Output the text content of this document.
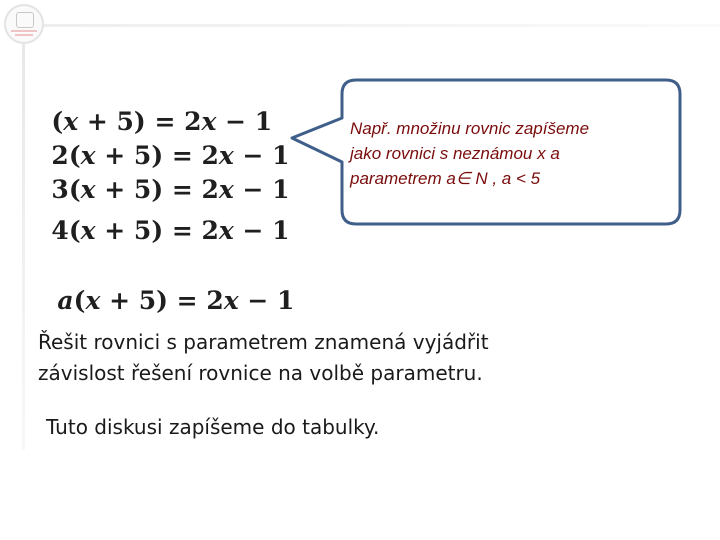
(x + 5) = 2x − 1

2(x + 5) = 2x − 1

3(x + 5) = 2x − 1

4(x + 5) = 2x − 1

a(x + 5) = 2x − 1

Např. množinu rovnic zapíšeme
jako rovnici s neznámou x a
parametrem a∈ N , a < 5
Řešit rovnici s parametrem znamená vyjádřit
závislost řešení rovnice na volbě parametru.
Tuto diskusi zapíšeme do tabulky.
